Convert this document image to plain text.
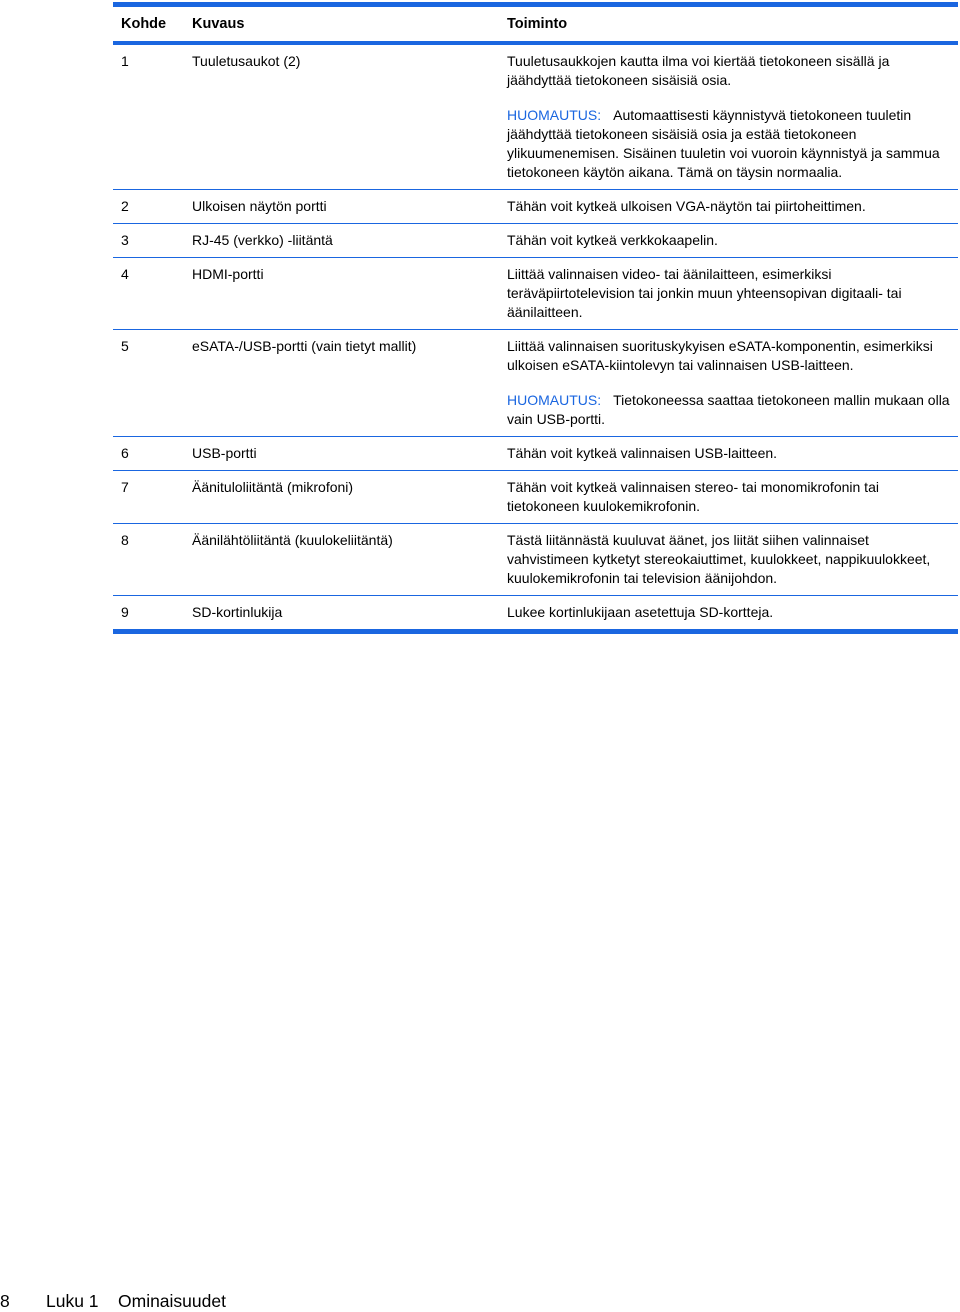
Kohde	Kuvaus	Toiminto
1	Tuuletusaukot (2)	Tuuletusaukkojen kautta ilma voi kiertää tietokoneen sisällä ja jäähdyttää tietokoneen sisäisiä osia.

HUOMAUTUS: Automaattisesti käynnistyvä tietokoneen tuuletin jäähdyttää tietokoneen sisäisiä osia ja estää tietokoneen ylikuumenemisen. Sisäinen tuuletin voi vuoroin käynnistyä ja sammua tietokoneen käytön aikana. Tämä on täysin normaalia.

2	Ulkoisen näytön portti	Tähän voit kytkeä ulkoisen VGA-näytön tai piirtoheittimen.
3	RJ-45 (verkko) -liitäntä	Tähän voit kytkeä verkkokaapelin.
4	HDMI-portti	Liittää valinnaisen video- tai äänilaitteen, esimerkiksi teräväpiirtotelevision tai jonkin muun yhteensopivan digitaali- tai äänilaitteen.
5	eSATA-/USB-portti (vain tietyt mallit)	Liittää valinnaisen suorituskykyisen eSATA-komponentin, esimerkiksi ulkoisen eSATA-kiintolevyn tai valinnaisen USB-laitteen.

HUOMAUTUS: Tietokoneessa saattaa tietokoneen mallin mukaan olla vain USB-portti.

6	USB-portti	Tähän voit kytkeä valinnaisen USB-laitteen.
7	Äänituloliitäntä (mikrofoni)	Tähän voit kytkeä valinnaisen stereo- tai monomikrofonin tai tietokoneen kuulokemikrofonin.
8	Äänilähtöliitäntä (kuulokeliitäntä)	Tästä liitännästä kuuluvat äänet, jos liität siihen valinnaiset vahvistimeen kytketyt stereokaiuttimet, kuulokkeet, nappikuulokkeet, kuulokemikrofonin tai television äänijohdon.
9	SD-kortinlukija	Lukee kortinlukijaan asetettuja SD-kortteja.
8 Luku 1 Ominaisuudet
